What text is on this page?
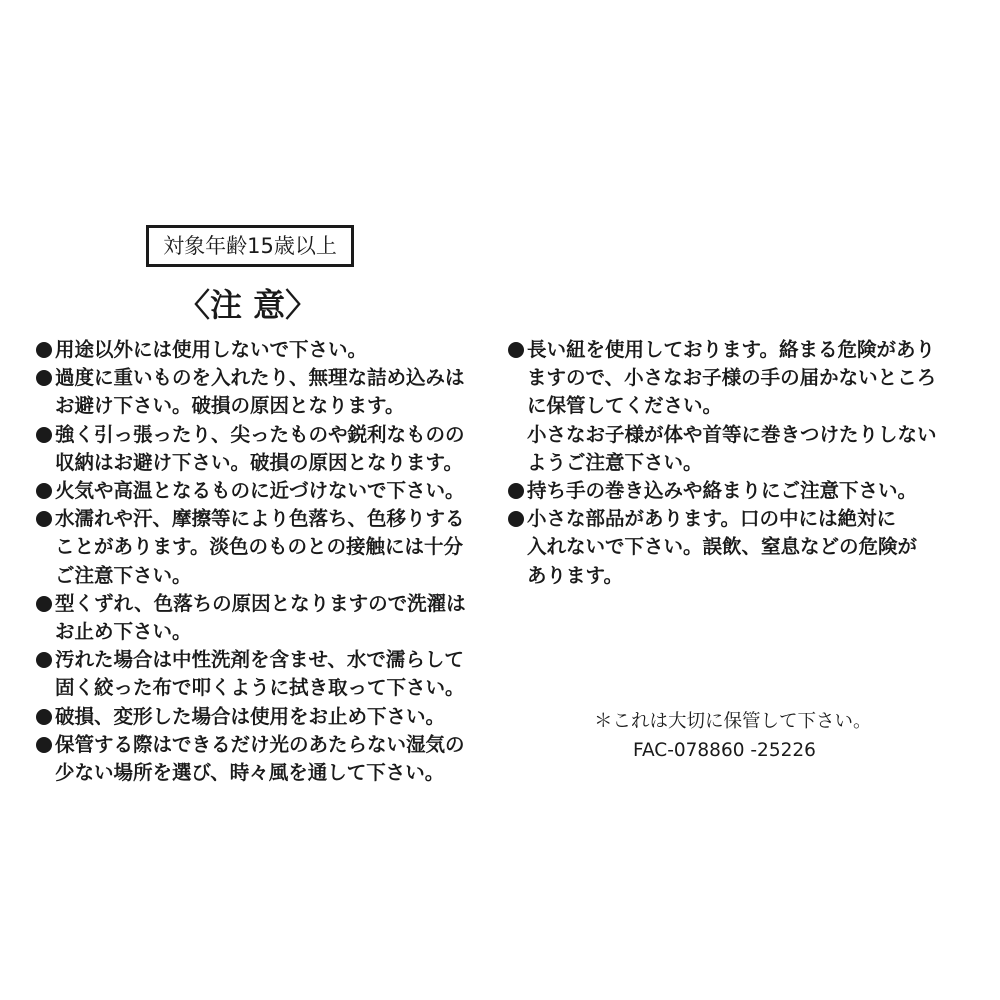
対象年齢15歳以上
〈注 意〉
用途以外には使用しないで下さい。
過度に重いものを入れたり、無理な詰め込みは
お避け下さい。破損の原因となります。
強く引っ張ったり、尖ったものや鋭利なものの
収納はお避け下さい。破損の原因となります。
火気や高温となるものに近づけないで下さい。
水濡れや汗、摩擦等により色落ち、色移りする
ことがあります。淡色のものとの接触には十分
ご注意下さい。
型くずれ、色落ちの原因となりますので洗濯は
お止め下さい。
汚れた場合は中性洗剤を含ませ、水で濡らして
固く絞った布で叩くように拭き取って下さい。
破損、変形した場合は使用をお止め下さい。
保管する際はできるだけ光のあたらない湿気の
少ない場所を選び、時々風を通して下さい。
長い紐を使用しております。絡まる危険があり
ますので、小さなお子様の手の届かないところ
に保管してください。
小さなお子様が体や首等に巻きつけたりしない
ようご注意下さい。
持ち手の巻き込みや絡まりにご注意下さい。
小さな部品があります。口の中には絶対に
入れないで下さい。誤飲、窒息などの危険が
あります。
＊これは大切に保管して下さい。
FAC-078860 -25226
